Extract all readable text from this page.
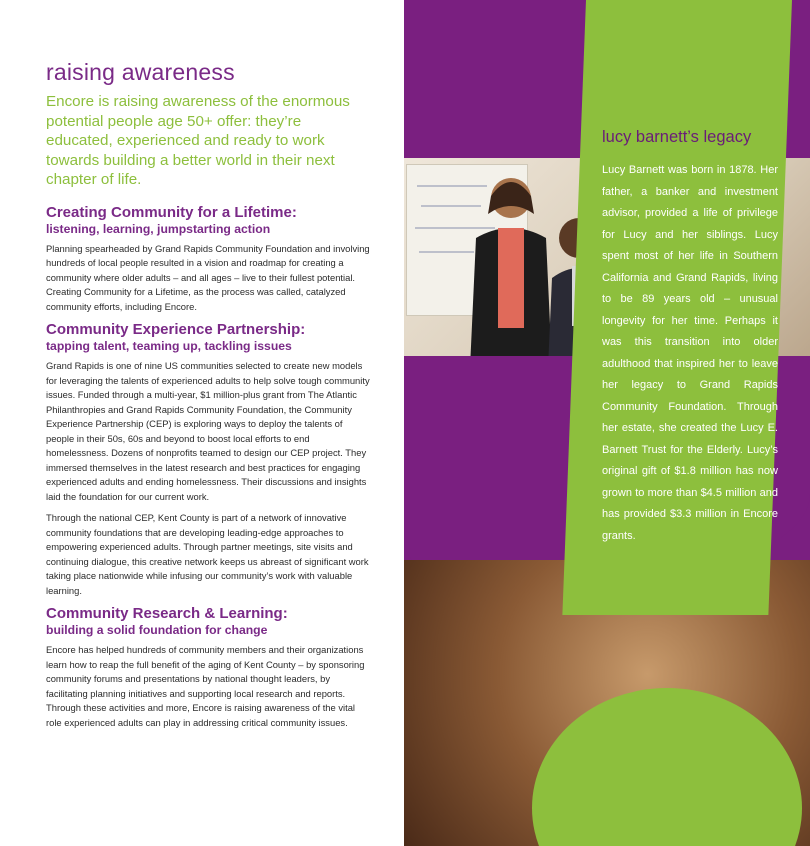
raising awareness

Encore is raising awareness of the enormous potential people age 50+ offer: they’re educated, experienced and ready to work towards building a better world in their next chapter of life.

Creating Community for a Lifetime:
listening, learning, jumpstarting action

Planning spearheaded by Grand Rapids Community Foundation and involving hundreds of local people resulted in a vision and roadmap for creating a community where older adults – and all ages – live to their fullest potential. Creating Community for a Lifetime, as the process was called, catalyzed community efforts, including Encore.

Community Experience Partnership:
tapping talent, teaming up, tackling issues

Grand Rapids is one of nine US communities selected to create new models for leveraging the talents of experienced adults to help solve tough community issues. Funded through a multi-year, $1 million-plus grant from The Atlantic Philanthropies and Grand Rapids Community Foundation, the Community Experience Partnership (CEP) is exploring ways to deploy the talents of people in their 50s, 60s and beyond to boost local efforts to end homelessness. Dozens of nonprofits teamed to design our CEP project. They immersed themselves in the latest research and best practices for engaging experienced adults and ending homelessness. Their discussions and insights laid the foundation for our current work.

Through the national CEP, Kent County is part of a network of innovative community foundations that are developing leading-edge approaches to empowering experienced adults. Through partner meetings, site visits and continuing dialogue, this creative network keeps us abreast of significant work taking place nationwide while infusing our community’s work with valuable learning.

Community Research & Learning:
building a solid foundation for change

Encore has helped hundreds of community members and their organizations learn how to reap the full benefit of the aging of Kent County – by sponsoring community forums and presentations by national thought leaders, by facilitating planning initiatives and supporting local research and reports. Through these activities and more, Encore is raising awareness of the vital role experienced adults can play in addressing critical community issues.

lucy barnett’s legacy

Lucy Barnett was born in 1878. Her father, a banker and investment advisor, provided a life of privilege for Lucy and her siblings. Lucy spent most of her life in Southern California and Grand Rapids, living to be 89 years old – unusual longevity for her time. Perhaps it was this transition into older adulthood that inspired her to leave her legacy to Grand Rapids Community Foundation. Through her estate, she created the Lucy E. Barnett Trust for the Elderly. Lucy’s original gift of $1.8 million has now grown to more than $4.5 million and has provided $3.3 million in Encore grants.
